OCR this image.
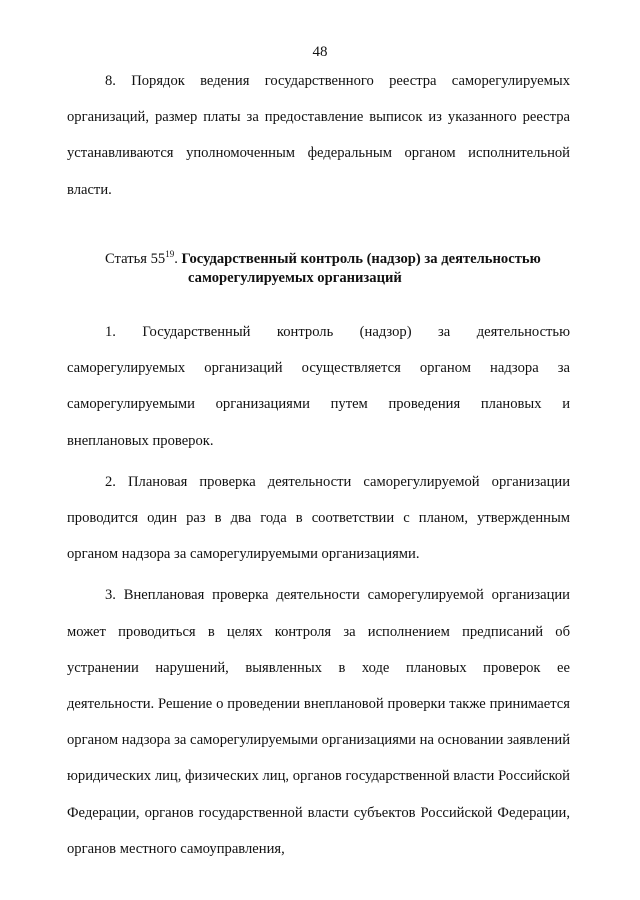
48

8. Порядок ведения государственного реестра саморегулируемых организаций, размер платы за предоставление выписок из указанного реестра устанавливаются уполномоченным федеральным органом исполнительной власти.

Статья $55^{19}$. Государственный контроль (надзор) за деятельностью
саморегулируемых организаций

1. Государственный контроль (надзор) за деятельностью саморегулируемых организаций осуществляется органом надзора за саморегулируемыми организациями путем проведения плановых и внеплановых проверок.

2. Плановая проверка деятельности саморегулируемой организации проводится один раз в два года в соответствии с планом, утвержденным органом надзора за саморегулируемыми организациями.

3. Внеплановая проверка деятельности саморегулируемой организации может проводиться в целях контроля за исполнением предписаний об устранении нарушений, выявленных в ходе плановых проверок ее деятельности. Решение о проведении внеплановой проверки также принимается органом надзора за саморегулируемыми организациями на основании заявлений юридических лиц, физических лиц, органов государственной власти Российской Федерации, органов государственной власти субъектов Российской Федерации, органов местного самоуправления,
